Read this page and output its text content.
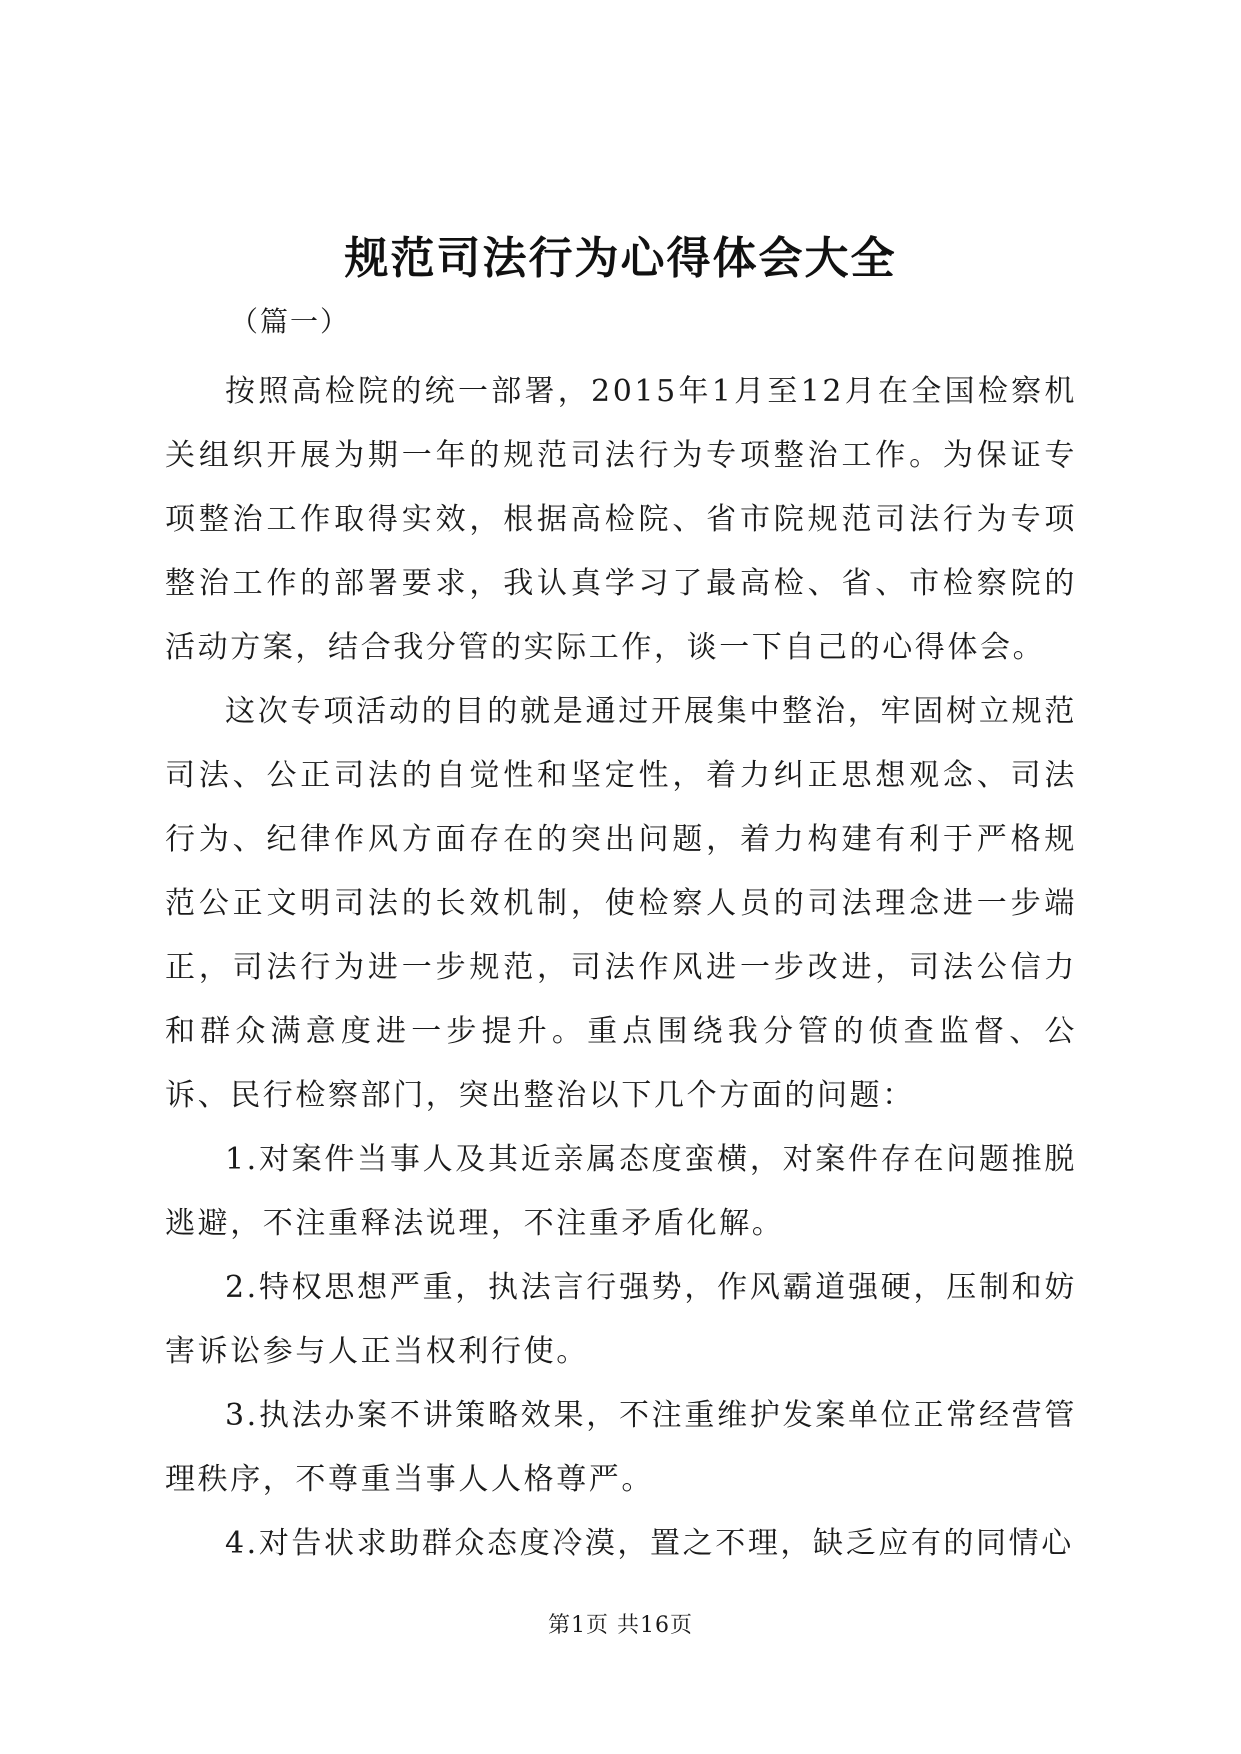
规范司法行为心得体会大全
（篇一）

按照高检院的统一部署，2015年1月至12月在全国检察机关组织开展为期一年的规范司法行为专项整治工作。为保证专项整治工作取得实效，根据高检院、省市院规范司法行为专项整治工作的部署要求，我认真学习了最高检、省、市检察院的活动方案，结合我分管的实际工作，谈一下自己的心得体会。

这次专项活动的目的就是通过开展集中整治，牢固树立规范司法、公正司法的自觉性和坚定性，着力纠正思想观念、司法行为、纪律作风方面存在的突出问题，着力构建有利于严格规范公正文明司法的长效机制，使检察人员的司法理念进一步端正，司法行为进一步规范，司法作风进一步改进，司法公信力和群众满意度进一步提升。重点围绕我分管的侦查监督、公诉、民行检察部门，突出整治以下几个方面的问题：

1.对案件当事人及其近亲属态度蛮横，对案件存在问题推脱逃避，不注重释法说理，不注重矛盾化解。

2.特权思想严重，执法言行强势，作风霸道强硬，压制和妨害诉讼参与人正当权利行使。

3.执法办案不讲策略效果，不注重维护发案单位正常经营管理秩序，不尊重当事人人格尊严。

4.对告状求助群众态度冷漠，置之不理，缺乏应有的同情心

第1页 共16页
